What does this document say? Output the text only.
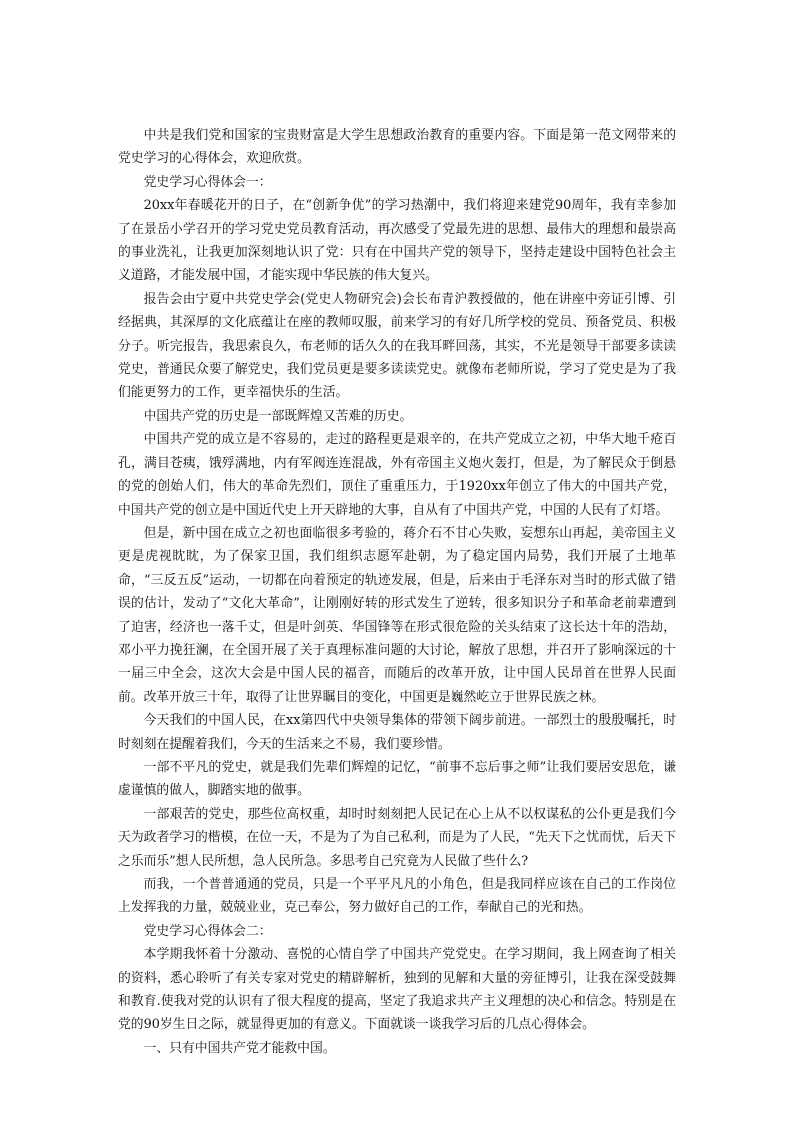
中共是我们党和国家的宝贵财富是大学生思想政治教育的重要内容。下面是第一范文网带来的党史学习的心得体会，欢迎欣赏。

党史学习心得体会一：

20xx年春暖花开的日子，在“创新争优”的学习热潮中，我们将迎来建党90周年，我有幸参加了在景岳小学召开的学习党史党员教育活动，再次感受了党最先进的思想、最伟大的理想和最崇高的事业洗礼，让我更加深刻地认识了党：只有在中国共产党的领导下，坚持走建设中国特色社会主义道路，才能发展中国，才能实现中华民族的伟大复兴。

报告会由宁夏中共党史学会(党史人物研究会)会长布青沪教授做的，他在讲座中旁证引博、引经据典，其深厚的文化底蕴让在座的教师叹服，前来学习的有好几所学校的党员、预备党员、积极分子。听完报告，我思索良久，布老师的话久久的在我耳畔回荡，其实，不光是领导干部要多读读党史，普通民众要了解党史，我们党员更是要多读读党史。就像布老师所说，学习了党史是为了我们能更努力的工作，更幸福快乐的生活。

中国共产党的历史是一部既辉煌又苦难的历史。

中国共产党的成立是不容易的，走过的路程更是艰辛的，在共产党成立之初，中华大地千疮百孔，满目苍痍，饿殍满地，内有军阀连连混战，外有帝国主义炮火轰打，但是，为了解民众于倒悬的党的创始人们，伟大的革命先烈们，顶住了重重压力，于1920xx年创立了伟大的中国共产党，中国共产党的创立是中国近代史上开天辟地的大事，自从有了中国共产党，中国的人民有了灯塔。

但是，新中国在成立之初也面临很多考验的，蒋介石不甘心失败，妄想东山再起，美帝国主义更是虎视眈眈，为了保家卫国，我们组织志愿军赴朝，为了稳定国内局势，我们开展了土地革命，“三反五反”运动，一切都在向着预定的轨迹发展，但是，后来由于毛泽东对当时的形式做了错误的估计，发动了“文化大革命”，让刚刚好转的形式发生了逆转，很多知识分子和革命老前辈遭到了迫害，经济也一落千丈，但是叶剑英、华国锋等在形式很危险的关头结束了这长达十年的浩劫，邓小平力挽狂澜，在全国开展了关于真理标准问题的大讨论，解放了思想，并召开了影响深远的十一届三中全会，这次大会是中国人民的福音，而随后的改革开放，让中国人民昂首在世界人民面前。改革开放三十年，取得了让世界瞩目的变化，中国更是巍然屹立于世界民族之林。

今天我们的中国人民，在xx第四代中央领导集体的带领下阔步前进。一部烈士的殷殷嘱托，时时刻刻在提醒着我们，今天的生活来之不易，我们要珍惜。

一部不平凡的党史，就是我们先辈们辉煌的记忆，“前事不忘后事之师”让我们要居安思危，谦虚谨慎的做人，脚踏实地的做事。

一部艰苦的党史，那些位高权重，却时时刻刻把人民记在心上从不以权谋私的公仆更是我们今天为政者学习的楷模，在位一天，不是为了为自己私利，而是为了人民，“先天下之忧而忧，后天下之乐而乐”想人民所想，急人民所急。多思考自己究竟为人民做了些什么?

而我，一个普普通通的党员，只是一个平平凡凡的小角色，但是我同样应该在自己的工作岗位上发挥我的力量，兢兢业业，克己奉公，努力做好自己的工作，奉献自己的光和热。

党史学习心得体会二：

本学期我怀着十分激动、喜悦的心情自学了中国共产党党史。在学习期间，我上网查询了相关的资料，悉心聆听了有关专家对党史的精辟解析，独到的见解和大量的旁征博引，让我在深受鼓舞和教育.使我对党的认识有了很大程度的提高，坚定了我追求共产主义理想的决心和信念。特别是在党的90岁生日之际，就显得更加的有意义。下面就谈一谈我学习后的几点心得体会。

一、只有中国共产党才能救中国。
